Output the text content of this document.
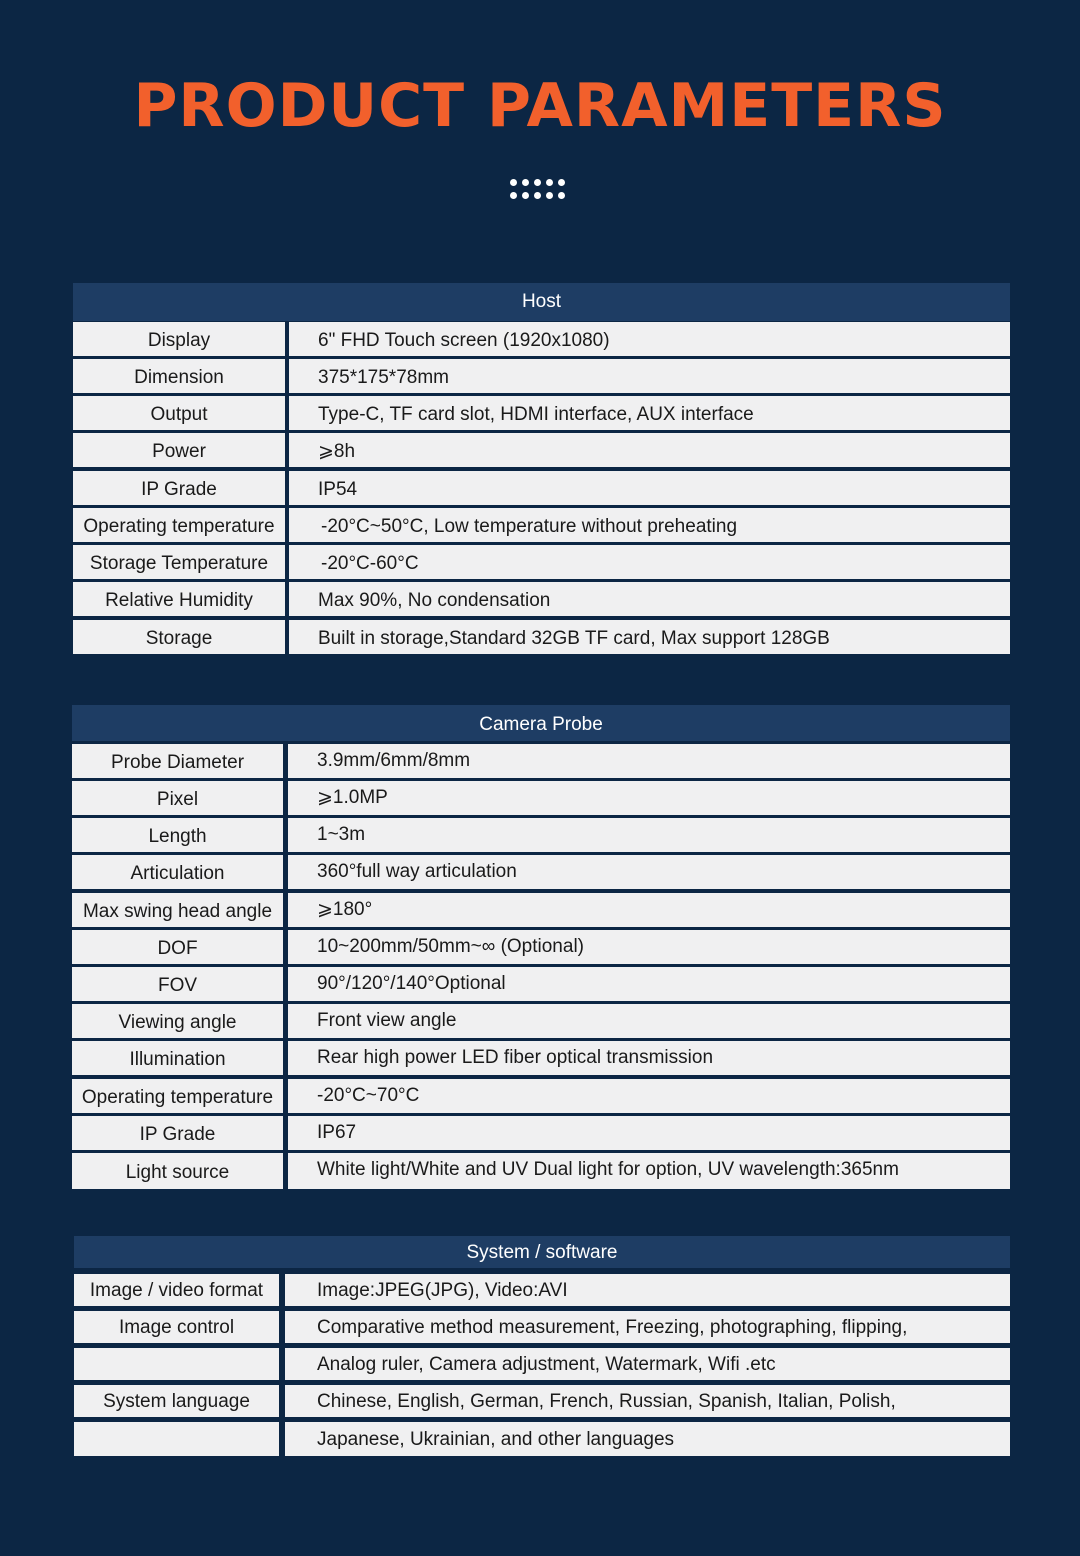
PRODUCT PARAMETERS
Host
Display	6" FHD Touch screen (1920x1080)
Dimension	375*175*78mm
Output	Type-C, TF card slot, HDMI interface, AUX interface
Power	⩾8h
IP Grade	IP54
Operating temperature	-20°C~50°C, Low temperature without preheating
Storage Temperature	-20°C-60°C
Relative Humidity	Max 90%, No condensation
Storage	Built in storage,Standard 32GB TF card, Max support 128GB
Camera Probe
Probe Diameter	3.9mm/6mm/8mm
Pixel	⩾1.0MP
Length	1~3m
Articulation	360°full way articulation
Max swing head angle	⩾180°
DOF	10~200mm/50mm~∞ (Optional)
FOV	90°/120°/140°Optional
Viewing angle	Front view angle
Illumination	Rear high power LED fiber optical transmission
Operating temperature	-20°C~70°C
IP Grade	IP67
Light source	White light/White and UV Dual light for option, UV wavelength:365nm
System / software
Image / video format	Image:JPEG(JPG), Video:AVI
Image control	Comparative method measurement, Freezing, photographing, flipping,
Analog ruler, Camera adjustment, Watermark, Wifi .etc
System language	Chinese, English, German, French, Russian, Spanish, Italian, Polish,
Japanese, Ukrainian, and other languages
